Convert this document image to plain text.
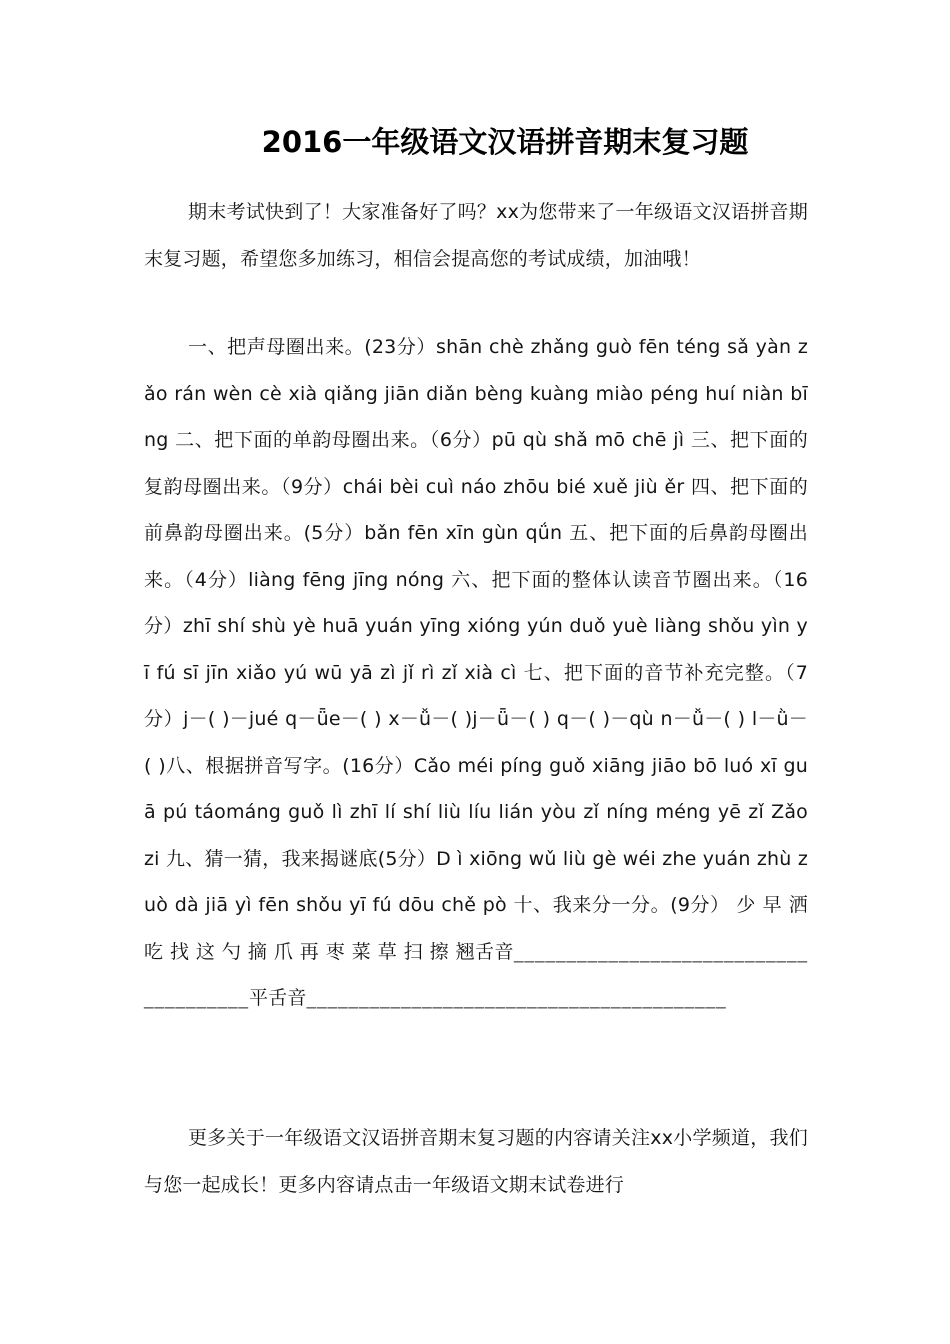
2016一年级语文汉语拼音期末复习题
期末考试快到了！大家准备好了吗？xx为您带来了一年级语文汉语拼音期末复习题，希望您多加练习，相信会提高您的考试成绩，加油哦！
一、把声母圈出来。(23分）shān chè zhǎng guò fēn téng sǎ yàn zǎo rán wèn cè xià qiǎng jiān diǎn bèng kuàng miào péng huí niàn bīng 二、把下面的单韵母圈出来。（6分）pū qù shǎ mō chē jì 三、把下面的复韵母圈出来。（9分）chái bèi cuì náo zhōu bié xuě jiù ěr 四、把下面的前鼻韵母圈出来。(5分）bǎn fēn xīn gùn qǘn 五、把下面的后鼻韵母圈出来。（4分）liàng fēng jīng nóng 六、把下面的整体认读音节圈出来。（16分）zhī shí shù yè huā yuán yīng xióng yún duǒ yuè liàng shǒu yìn yī fú sī jīn xiǎo yú wū yā zì jǐ rì zǐ xià cì 七、把下面的音节补充完整。（7分）j－( )－jué q－ǖe－( ) x－ǚ－( )j－ǖ－( ) q－( )－qù n－ǚ－( ) l－ǜ－( )八、根据拼音写字。(16分）Cǎo méi píng guǒ xiāng jiāo bō luó xī guā pú táománg guǒ lì zhī lí shí liù líu lián yòu zǐ níng méng yē zǐ Zǎo zi 九、猜一猜，我来揭谜底(5分）D ì xiōng wǔ liù gè wéi zhe yuán zhù zuò dà jiā yì fēn shǒu yī fú dōu chě pò 十、我来分一分。(9分） 少 早 洒 吃 找 这 勺 摘 爪 再 枣 菜 草 扫 擦 翘舌音______________________________________平舌音________________________________________
更多关于一年级语文汉语拼音期末复习题的内容请关注xx小学频道，我们与您一起成长！更多内容请点击一年级语文期末试卷进行
